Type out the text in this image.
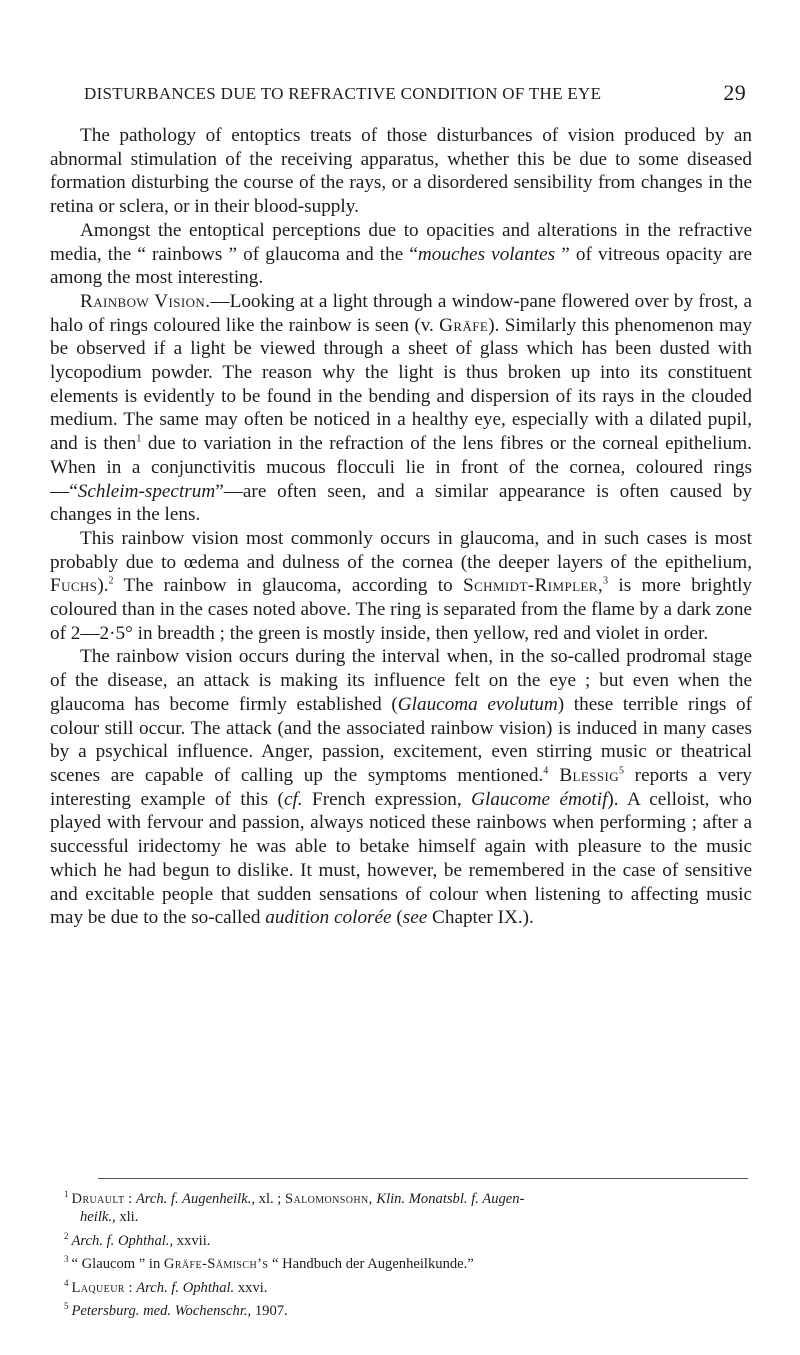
DISTURBANCES DUE TO REFRACTIVE CONDITION OF THE EYE	29

The pathology of entoptics treats of those disturbances of vision produced by an abnormal stimulation of the receiving apparatus, whether this be due to some diseased formation disturbing the course of the rays, or a disordered sensibility from changes in the retina or sclera, or in their blood-supply.

Amongst the entoptical perceptions due to opacities and alterations in the refractive media, the “ rainbows ” of glaucoma and the “mouches volantes ” of vitreous opacity are among the most interesting.

Rainbow Vision.—Looking at a light through a window-pane flowered over by frost, a halo of rings coloured like the rainbow is seen (v. Gräfe). Similarly this phenomenon may be observed if a light be viewed through a sheet of glass which has been dusted with lycopodium powder. The reason why the light is thus broken up into its constituent elements is evidently to be found in the bending and dispersion of its rays in the clouded medium. The same may often be noticed in a healthy eye, especially with a dilated pupil, and is then$^1$ due to variation in the refraction of the lens fibres or the corneal epithelium. When in a conjunctivitis mucous flocculi lie in front of the cornea, coloured rings—“Schleim-spectrum”—are often seen, and a similar appearance is often caused by changes in the lens.

This rainbow vision most commonly occurs in glaucoma, and in such cases is most probably due to œdema and dulness of the cornea (the deeper layers of the epithelium, Fuchs).$^2$ The rainbow in glaucoma, according to Schmidt-Rimpler,$^3$ is more brightly coloured than in the cases noted above. The ring is separated from the flame by a dark zone of 2—2·5° in breadth ; the green is mostly inside, then yellow, red and violet in order.

The rainbow vision occurs during the interval when, in the so-called prodromal stage of the disease, an attack is making its influence felt on the eye ; but even when the glaucoma has become firmly established (Glaucoma evolutum) these terrible rings of colour still occur. The attack (and the associated rainbow vision) is induced in many cases by a psychical influence. Anger, passion, excitement, even stirring music or theatrical scenes are capable of calling up the symptoms mentioned.$^4$ Blessig$^5$ reports a very interesting example of this (cf. French expression, Glaucome émotif). A celloist, who played with fervour and passion, always noticed these rainbows when performing ; after a successful iridectomy he was able to betake himself again with pleasure to the music which he had begun to dislike. It must, however, be remembered in the case of sensitive and excitable people that sudden sensations of colour when listening to affecting music may be due to the so-called audition colorée (see Chapter IX.).

$^1$ Druault : Arch. f. Augenheilk., xl. ; Salomonsohn, Klin. Monatsbl. f. Augen-
heilk., xli.
$^2$ Arch. f. Ophthal., xxvii.
$^3$ “ Glaucom ” in Gräfe-Sämisch’s “ Handbuch der Augenheilkunde.”
$^4$ Laqueur : Arch. f. Ophthal. xxvi.
$^5$ Petersburg. med. Wochenschr., 1907.
